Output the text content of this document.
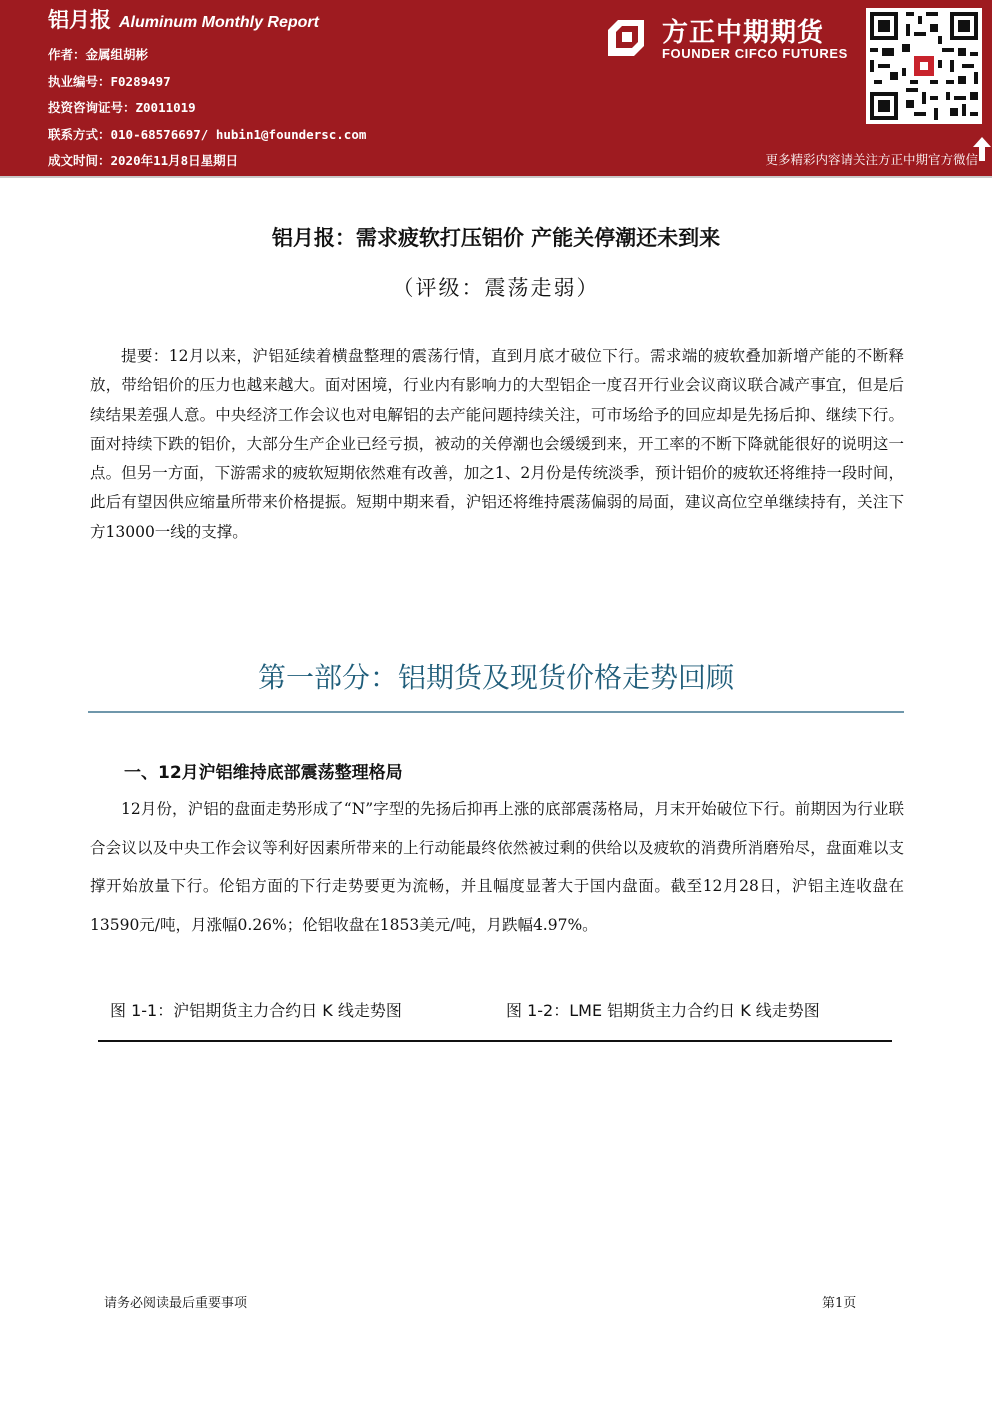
铝月报 Aluminum Monthly Report
作者：金属组胡彬
执业编号：F0289497
投资咨询证号：Z0011019
联系方式：010-68576697/ hubin1@foundersc.com
成文时间：2020年11月8日星期日
方正中期期货
FOUNDER CIFCO FUTURES
更多精彩内容请关注方正中期官方微信
铝月报：需求疲软打压铝价 产能关停潮还未到来
（评级：震荡走弱）
提要：12月以来，沪铝延续着横盘整理的震荡行情，直到月底才破位下行。需求端的疲软叠加新增产能的不断释放，带给铝价的压力也越来越大。面对困境，行业内有影响力的大型铝企一度召开行业会议商议联合减产事宜，但是后续结果差强人意。中央经济工作会议也对电解铝的去产能问题持续关注，可市场给予的回应却是先扬后抑、继续下行。面对持续下跌的铝价，大部分生产企业已经亏损，被动的关停潮也会缓缓到来，开工率的不断下降就能很好的说明这一点。但另一方面，下游需求的疲软短期依然难有改善，加之1、2月份是传统淡季，预计铝价的疲软还将维持一段时间，此后有望因供应缩量所带来价格提振。短期中期来看，沪铝还将维持震荡偏弱的局面，建议高位空单继续持有，关注下方13000一线的支撑。
第一部分：铝期货及现货价格走势回顾
一、12月沪铝维持底部震荡整理格局
12月份，沪铝的盘面走势形成了“N”字型的先扬后抑再上涨的底部震荡格局，月末开始破位下行。前期因为行业联合会议以及中央工作会议等利好因素所带来的上行动能最终依然被过剩的供给以及疲软的消费所消磨殆尽，盘面难以支撑开始放量下行。伦铝方面的下行走势要更为流畅，并且幅度显著大于国内盘面。截至12月28日，沪铝主连收盘在13590元/吨，月涨幅0.26%；伦铝收盘在1853美元/吨，月跌幅4.97%。
图 1-1：沪铝期货主力合约日 K 线走势图	图 1-2：LME 铝期货主力合约日 K 线走势图
请务必阅读最后重要事项	第1页
